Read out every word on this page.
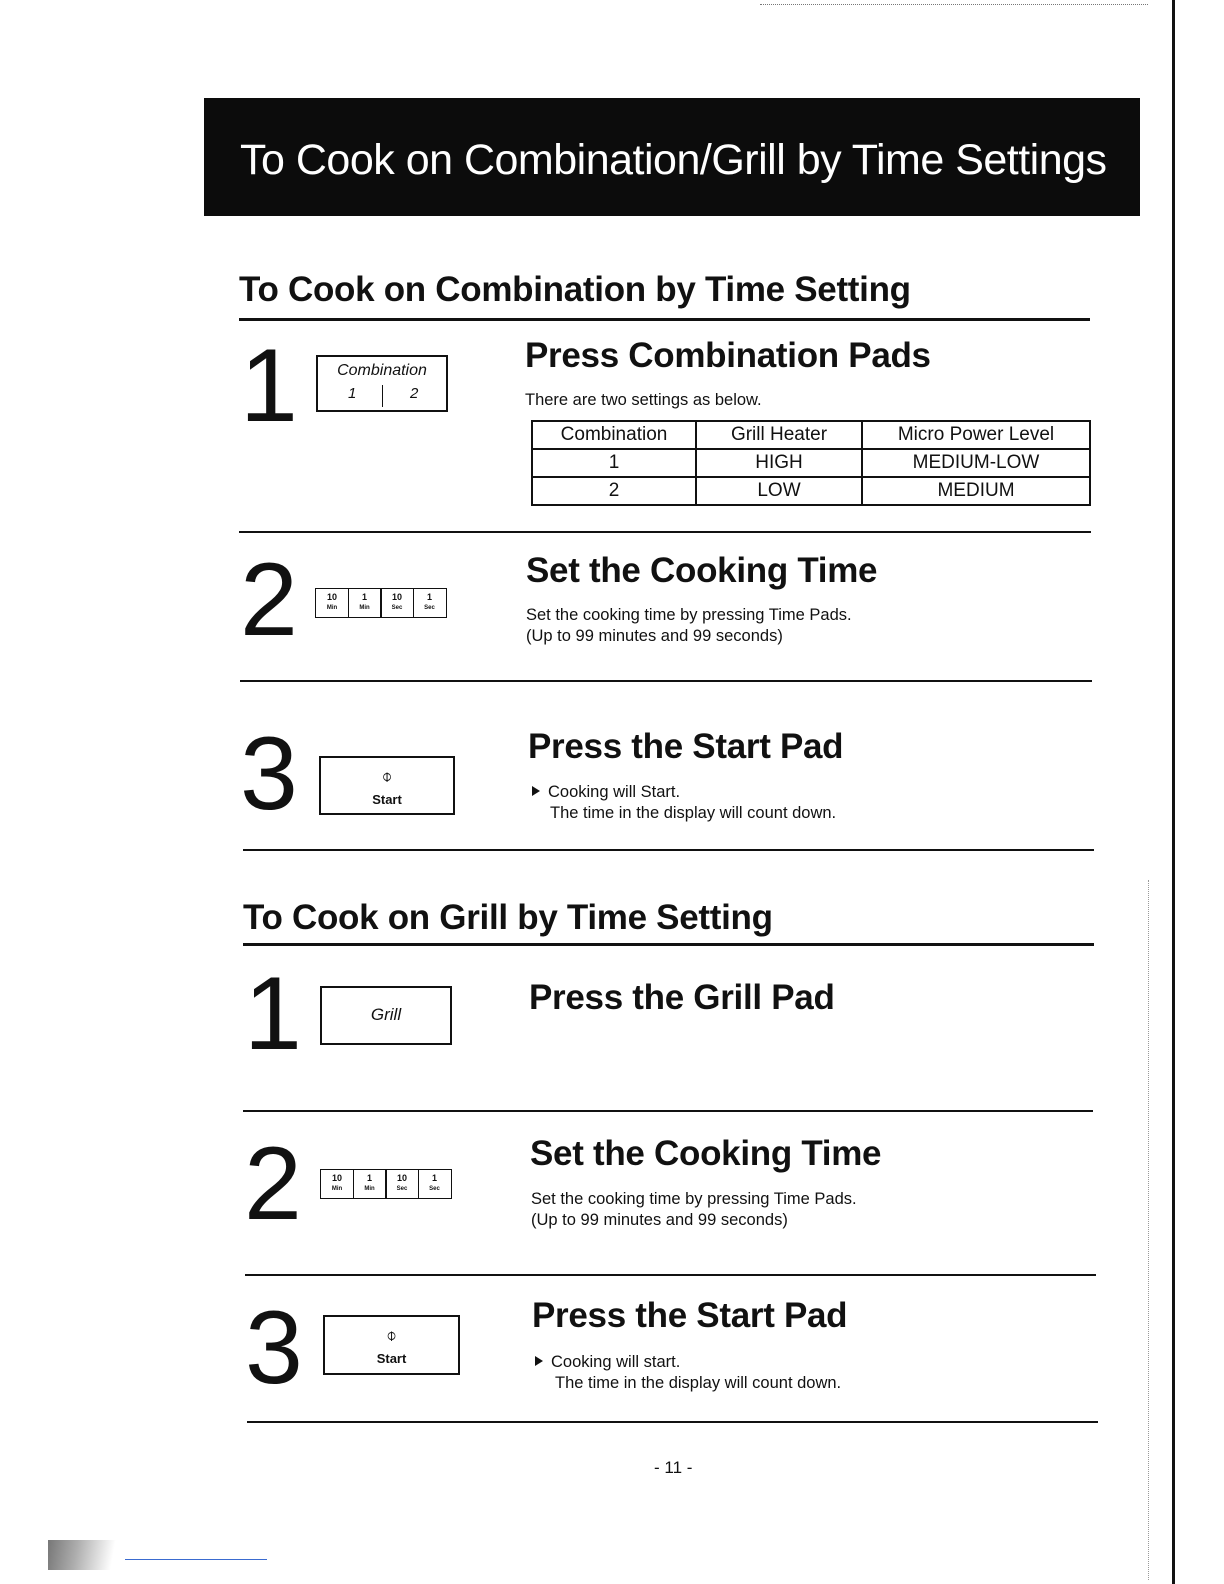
To Cook on Combination/Grill by Time Settings
To Cook on Combination by Time Setting
1	Combination
1	2
Press Combination Pads
There are two settings as below.
Combination	Grill Heater	Micro Power Level
1	HIGH	MEDIUM-LOW
2	LOW	MEDIUM
2	10
Min
1
Min
10
Sec
1
Sec
Set the Cooking Time
Set the cooking time by pressing Time Pads.
(Up to 99 minutes and 99 seconds)
3	⌽
Start
Press the Start Pad
Cooking will Start.
The time in the display will count down.
To Cook on Grill by Time Setting
1	Grill	Press the Grill Pad
2	10
Min
1
Min
10
Sec
1
Sec
Set the Cooking Time
Set the cooking time by pressing Time Pads.
(Up to 99 minutes and 99 seconds)
3	⌽
Start
Press the Start Pad
Cooking will start.
The time in the display will count down.
- 11 -
